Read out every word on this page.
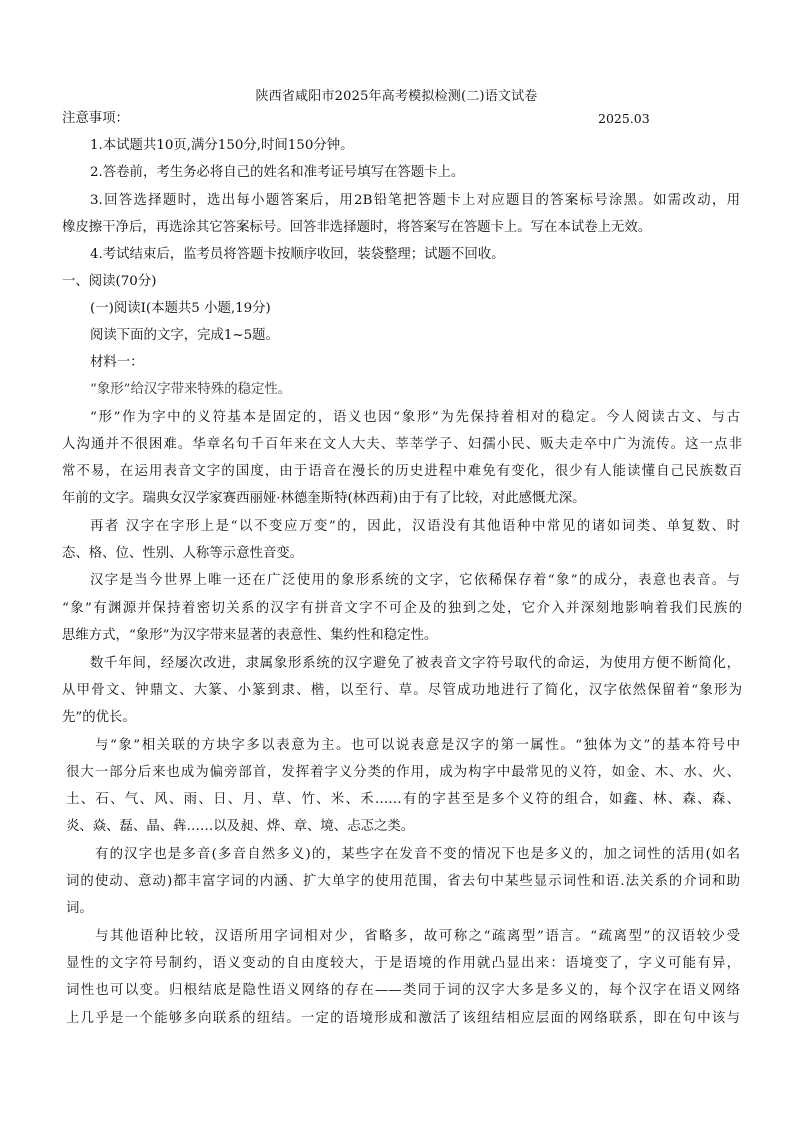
陕西省咸阳市2025年高考模拟检测(二)语文试卷
注意事项：	2025.03
1.本试题共10页,满分150分,时间150分钟。
2.答卷前，考生务必将自己的姓名和准考证号填写在答题卡上。
3.回答选择题时，选出每小题答案后，用2B铅笔把答题卡上对应题目的答案标号涂黑。如需改动，用
橡皮擦干净后，再选涂其它答案标号。回答非选择题时，将答案写在答题卡上。写在本试卷上无效。
4.考试结束后，监考员将答题卡按顺序收回，装袋整理；试题不回收。
一、阅读(70分)
(一)阅读Ⅰ(本题共5 小题,19分)
阅读下面的文字，完成1~5题。
材料一：
“象形”给汉字带来特殊的稳定性。
“形”作为字中的义符基本是固定的，语义也因“象形”为先保持着相对的稳定。今人阅读古文、与古
人沟通并不很困难。华章名句千百年来在文人大夫、莘莘学子、妇孺小民、贩夫走卒中广为流传。这一点非
常不易，在运用表音文字的国度，由于语音在漫长的历史进程中难免有变化，很少有人能读懂自己民族数百
年前的文字。瑞典女汉学家赛西丽娅·林德奎斯特(林西莉)由于有了比较，对此感慨尤深。
再者 汉字在字形上是“以不变应万变”的，因此，汉语没有其他语种中常见的诸如词类、单复数、时
态、格、位、性别、人称等示意性音变。
汉字是当今世界上唯一还在广泛使用的象形系统的文字，它依稀保存着“象”的成分，表意也表音。与
“象”有渊源并保持着密切关系的汉字有拼音文字不可企及的独到之处，它介入并深刻地影响着我们民族的
思维方式，“象形”为汉字带来显著的表意性、集约性和稳定性。
数千年间，经屡次改进，隶属象形系统的汉字避免了被表音文字符号取代的命运，为使用方便不断简化，
从甲骨文、钟鼎文、大篆、小篆到隶、楷，以至行、草。尽管成功地进行了简化，汉字依然保留着“象形为
先”的优长。
与“象”相关联的方块字多以表意为主。也可以说表意是汉字的第一属性。“独体为文”的基本符号中
很大一部分后来也成为偏旁部首，发挥着字义分类的作用，成为构字中最常见的义符，如金、木、水、火、
土、石、气、风、雨、日、月、草、竹、米、禾……有的字甚至是多个义符的组合，如鑫、林、森、森、
炎、焱、磊、晶、犇……以及昶、烨、章、境、忐忑之类。
有的汉字也是多音(多音自然多义)的，某些字在发音不变的情况下也是多义的，加之词性的活用(如名
词的使动、意动)都丰富字词的内涵、扩大单字的使用范围，省去句中某些显示词性和语.法关系的介词和助
词。
与其他语种比较，汉语所用字词相对少，省略多，故可称之“疏离型”语言。“疏离型”的汉语较少受
显性的文字符号制约，语义变动的自由度较大，于是语境的作用就凸显出来：语境变了，字义可能有异，
词性也可以变。归根结底是隐性语义网络的存在——类同于词的汉字大多是多义的，每个汉字在语义网络
上几乎是一个能够多向联系的纽结。一定的语境形成和激活了该纽结相应层面的网络联系，即在句中该与
